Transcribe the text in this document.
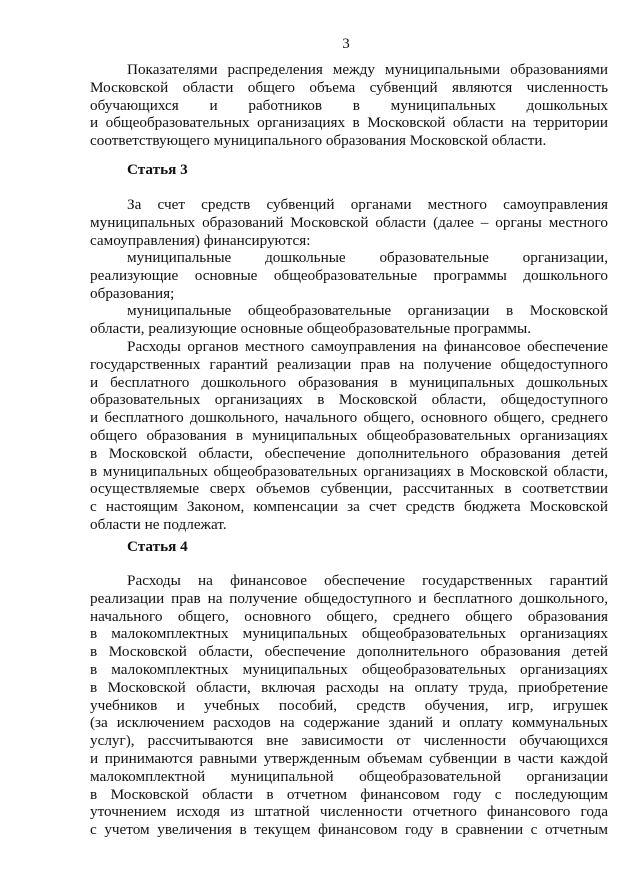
3
Показателями распределения между муниципальными образованиями
Московской области общего объема субвенций являются численность
обучающихся и работников в муниципальных дошкольных
и общеобразовательных организациях в Московской области на территории
соответствующего муниципального образования Московской области.
Статья 3
За счет средств субвенций органами местного самоуправления
муниципальных образований Московской области (далее – органы местного
самоуправления) финансируются:
муниципальные дошкольные образовательные организации,
реализующие основные общеобразовательные программы дошкольного
образования;
муниципальные общеобразовательные организации в Московской
области, реализующие основные общеобразовательные программы.
Расходы органов местного самоуправления на финансовое обеспечение
государственных гарантий реализации прав на получение общедоступного
и бесплатного дошкольного образования в муниципальных дошкольных
образовательных организациях в Московской области, общедоступного
и бесплатного дошкольного, начального общего, основного общего, среднего
общего образования в муниципальных общеобразовательных организациях
в Московской области, обеспечение дополнительного образования детей
в муниципальных общеобразовательных организациях в Московской области,
осуществляемые сверх объемов субвенции, рассчитанных в соответствии
с настоящим Законом, компенсации за счет средств бюджета Московской
области не подлежат.
Статья 4
Расходы на финансовое обеспечение государственных гарантий
реализации прав на получение общедоступного и бесплатного дошкольного,
начального общего, основного общего, среднего общего образования
в малокомплектных муниципальных общеобразовательных организациях
в Московской области, обеспечение дополнительного образования детей
в малокомплектных муниципальных общеобразовательных организациях
в Московской области, включая расходы на оплату труда, приобретение
учебников и учебных пособий, средств обучения, игр, игрушек
(за исключением расходов на содержание зданий и оплату коммунальных
услуг), рассчитываются вне зависимости от численности обучающихся
и принимаются равными утвержденным объемам субвенции в части каждой
малокомплектной муниципальной общеобразовательной организации
в Московской области в отчетном финансовом году с последующим
уточнением исходя из штатной численности отчетного финансового года
с учетом увеличения в текущем финансовом году в сравнении с отчетным
